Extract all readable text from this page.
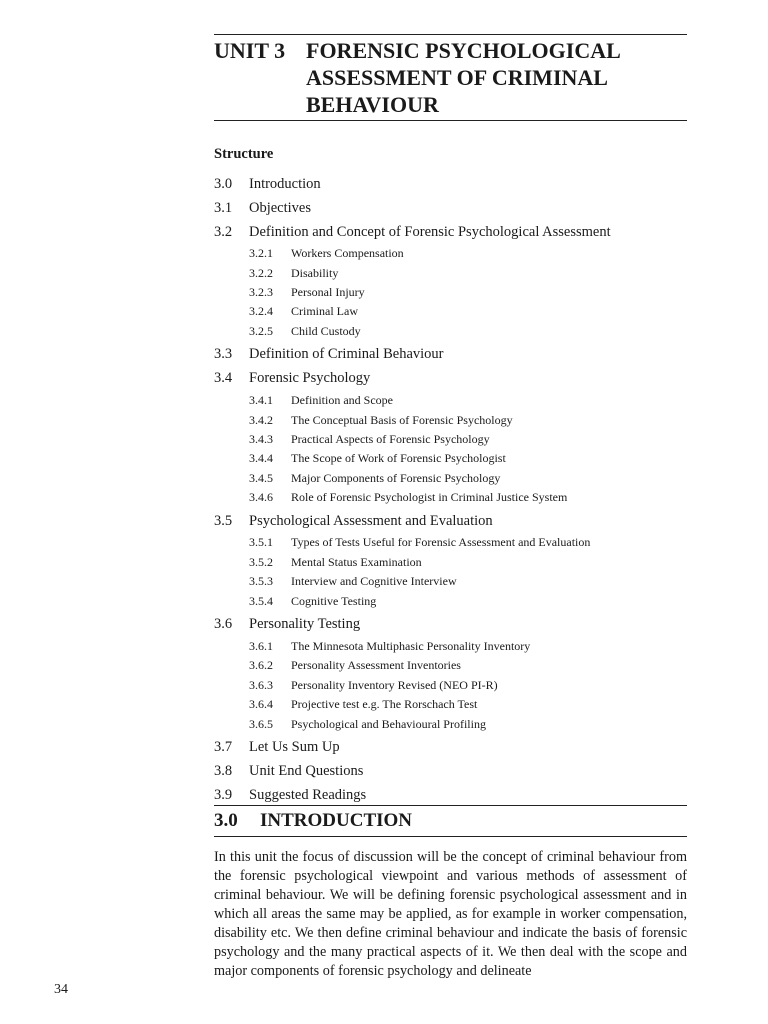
UNIT 3 FORENSIC PSYCHOLOGICAL
ASSESSMENT OF CRIMINAL
BEHAVIOUR
Structure
3.0	Introduction
3.1	Objectives
3.2	Definition and Concept of Forensic Psychological Assessment
3.2.1	Workers Compensation
3.2.2	Disability
3.2.3	Personal Injury
3.2.4	Criminal Law
3.2.5	Child Custody
3.3	Definition of Criminal Behaviour
3.4	Forensic Psychology
3.4.1	Definition and Scope
3.4.2	The Conceptual Basis of Forensic Psychology
3.4.3	Practical Aspects of Forensic Psychology
3.4.4	The Scope of Work of Forensic Psychologist
3.4.5	Major Components of Forensic Psychology
3.4.6	Role of Forensic Psychologist in Criminal Justice System
3.5	Psychological Assessment and Evaluation
3.5.1	Types of Tests Useful for Forensic Assessment and Evaluation
3.5.2	Mental Status Examination
3.5.3	Interview and Cognitive Interview
3.5.4	Cognitive Testing
3.6	Personality Testing
3.6.1	The Minnesota Multiphasic Personality Inventory
3.6.2	Personality Assessment Inventories
3.6.3	Personality Inventory Revised (NEO PI-R)
3.6.4	Projective test e.g. The Rorschach Test
3.6.5	Psychological and Behavioural Profiling
3.7	Let Us Sum Up
3.8	Unit End Questions
3.9	Suggested Readings
3.0	INTRODUCTION

In this unit the focus of discussion will be the concept of criminal behaviour from the forensic psychological viewpoint and various methods of assessment of criminal behaviour. We will be defining forensic psychological assessment and in which all areas the same may be applied, as for example in worker compensation, disability etc. We then define criminal behaviour and indicate the basis of forensic psychology and the many practical aspects of it. We then deal with the scope and major components of forensic psychology and delineate

34
